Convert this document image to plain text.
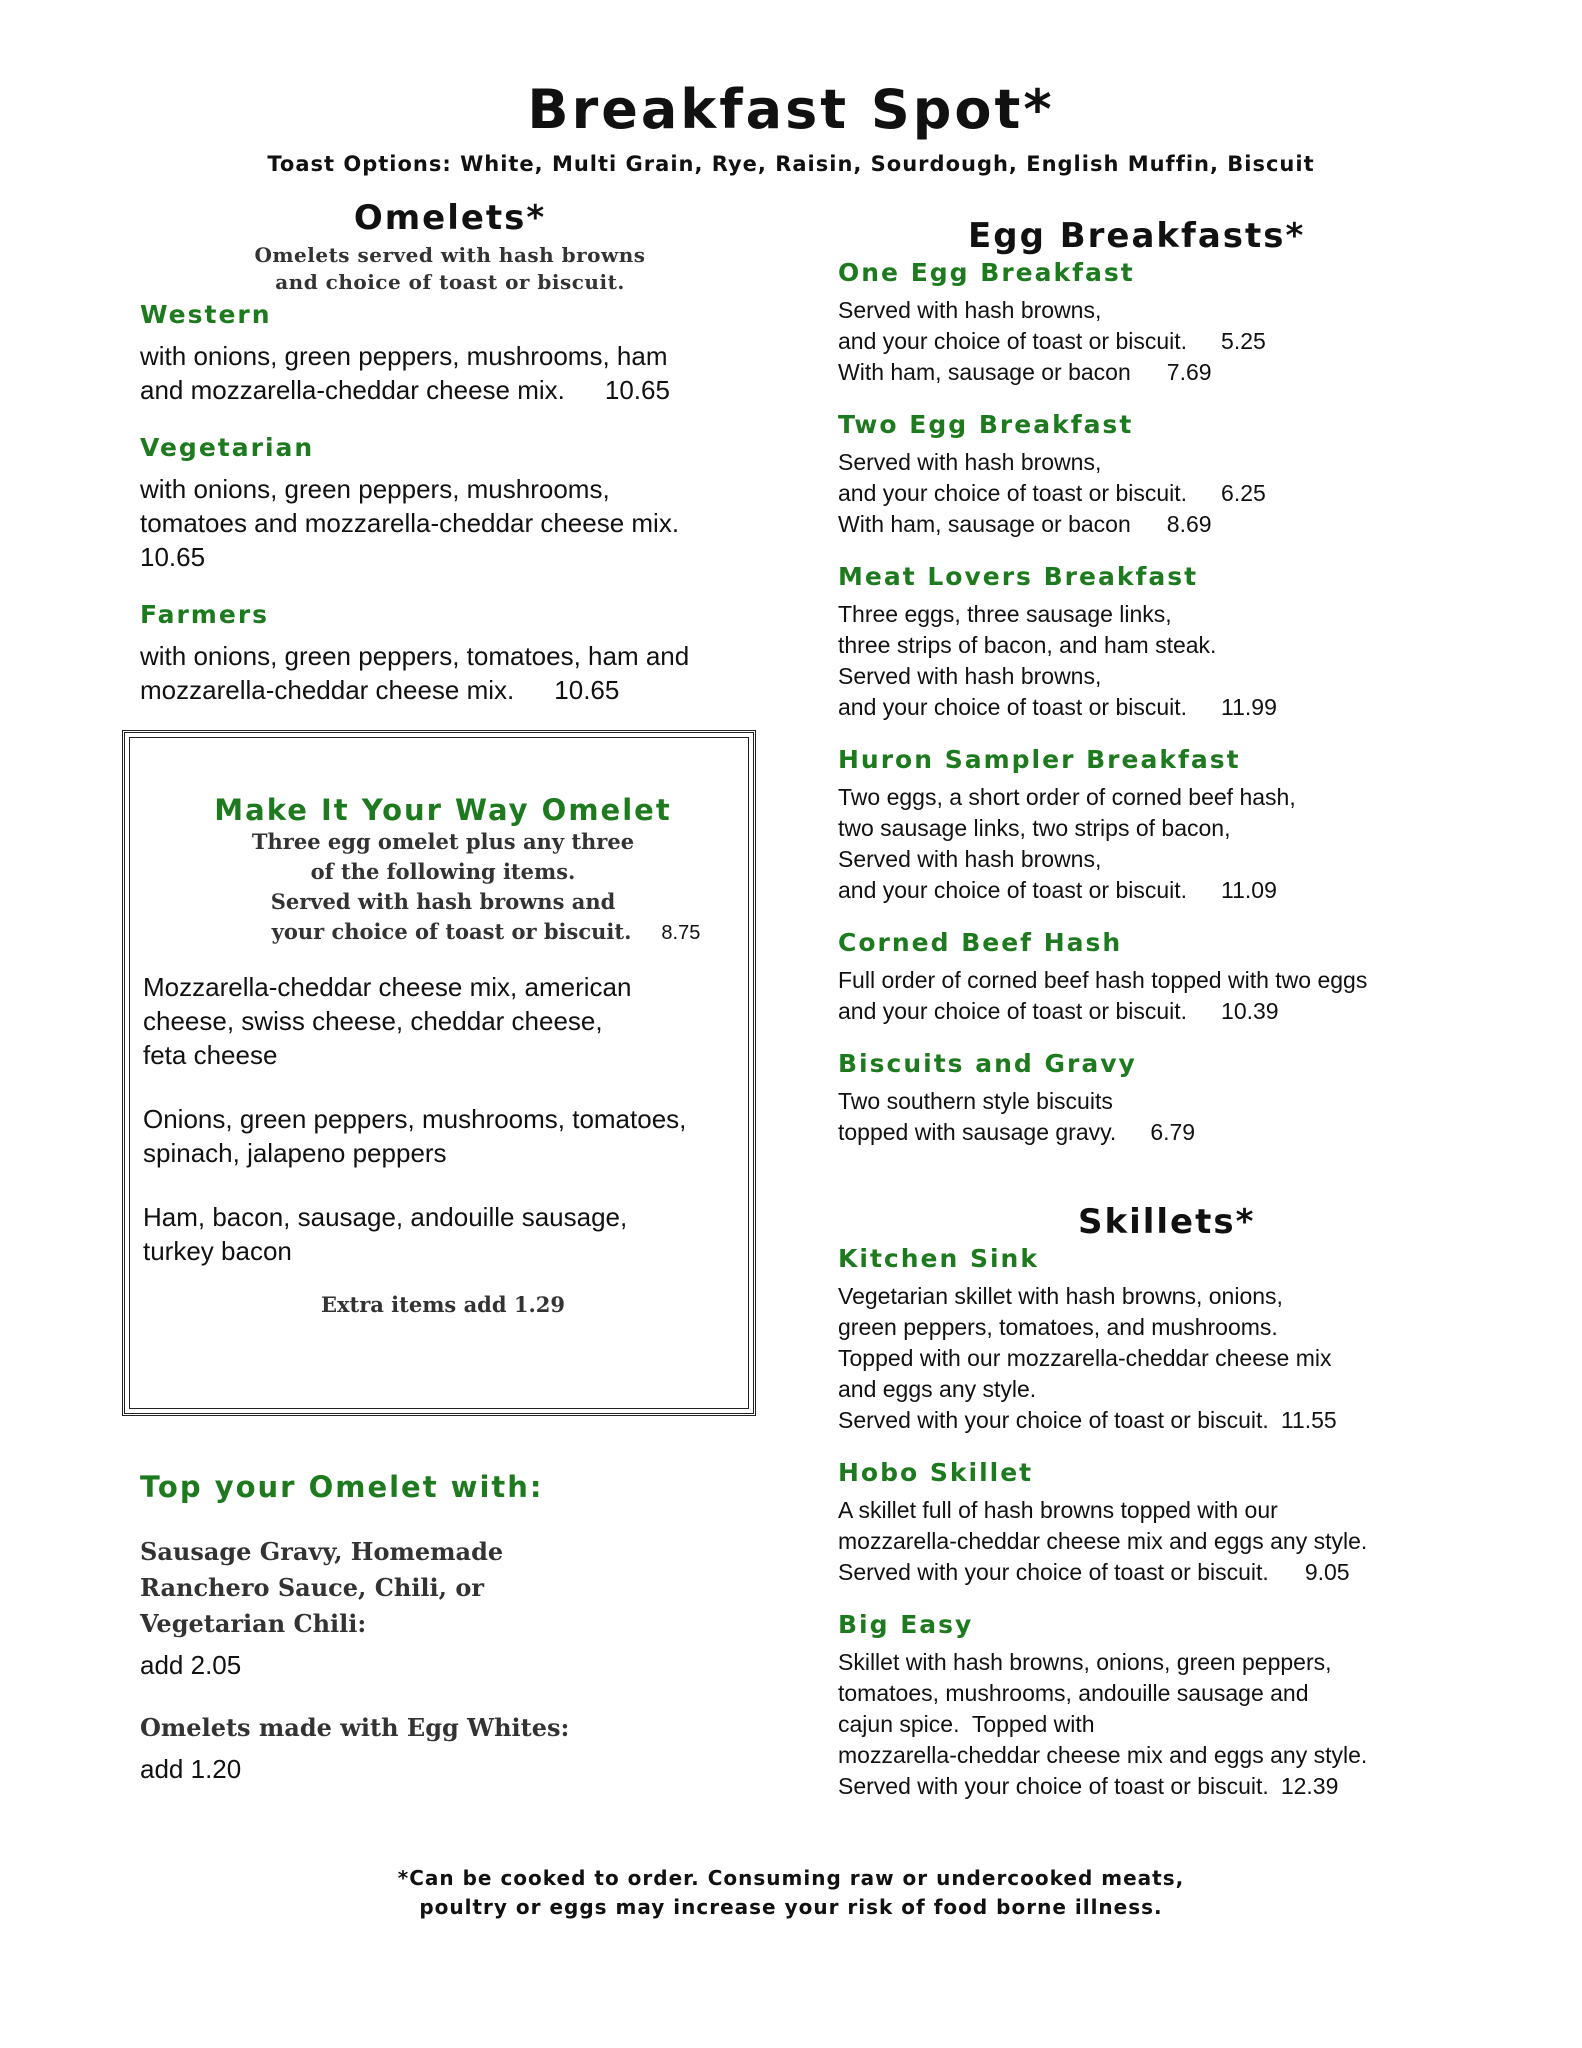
Breakfast Spot*
Toast Options: White, Multi Grain, Rye, Raisin, Sourdough, English Muffin, Biscuit
Omelets*
Omelets served with hash browns
and choice of toast or biscuit.
Western
with onions, green peppers, mushrooms, ham
and mozzarella-cheddar cheese mix. 10.65
Vegetarian
with onions, green peppers, mushrooms,
tomatoes and mozzarella-cheddar cheese mix.
10.65
Farmers
with onions, green peppers, tomatoes, ham and
mozzarella-cheddar cheese mix. 10.65
Make It Your Way Omelet
Three egg omelet plus any three
of the following items.
Served with hash browns and
your choice of toast or biscuit. 8.75
Mozzarella-cheddar cheese mix, american
cheese, swiss cheese, cheddar cheese,
feta cheese
Onions, green peppers, mushrooms, tomatoes,
spinach, jalapeno peppers
Ham, bacon, sausage, andouille sausage,
turkey bacon
Extra items add 1.29
Top your Omelet with:
Sausage Gravy, Homemade
Ranchero Sauce, Chili, or
Vegetarian Chili:
add 2.05
Omelets made with Egg Whites:
add 1.20
Egg Breakfasts*
One Egg Breakfast
Served with hash browns,
and your choice of toast or biscuit. 5.25
With ham, sausage or bacon 7.69
Two Egg Breakfast
Served with hash browns,
and your choice of toast or biscuit. 6.25
With ham, sausage or bacon 8.69
Meat Lovers Breakfast
Three eggs, three sausage links,
three strips of bacon, and ham steak.
Served with hash browns,
and your choice of toast or biscuit. 11.99
Huron Sampler Breakfast
Two eggs, a short order of corned beef hash,
two sausage links, two strips of bacon,
Served with hash browns,
and your choice of toast or biscuit. 11.09
Corned Beef Hash
Full order of corned beef hash topped with two eggs
and your choice of toast or biscuit. 10.39
Biscuits and Gravy
Two southern style biscuits
topped with sausage gravy. 6.79
Skillets*
Kitchen Sink
Vegetarian skillet with hash browns, onions,
green peppers, tomatoes, and mushrooms.
Topped with our mozzarella-cheddar cheese mix
and eggs any style.
Served with your choice of toast or biscuit. 11.55
Hobo Skillet
A skillet full of hash browns topped with our
mozzarella-cheddar cheese mix and eggs any style.
Served with your choice of toast or biscuit. 9.05
Big Easy
Skillet with hash browns, onions, green peppers,
tomatoes, mushrooms, andouille sausage and
cajun spice.  Topped with
mozzarella-cheddar cheese mix and eggs any style.
Served with your choice of toast or biscuit. 12.39
*Can be cooked to order. Consuming raw or undercooked meats,
poultry or eggs may increase your risk of food borne illness.
